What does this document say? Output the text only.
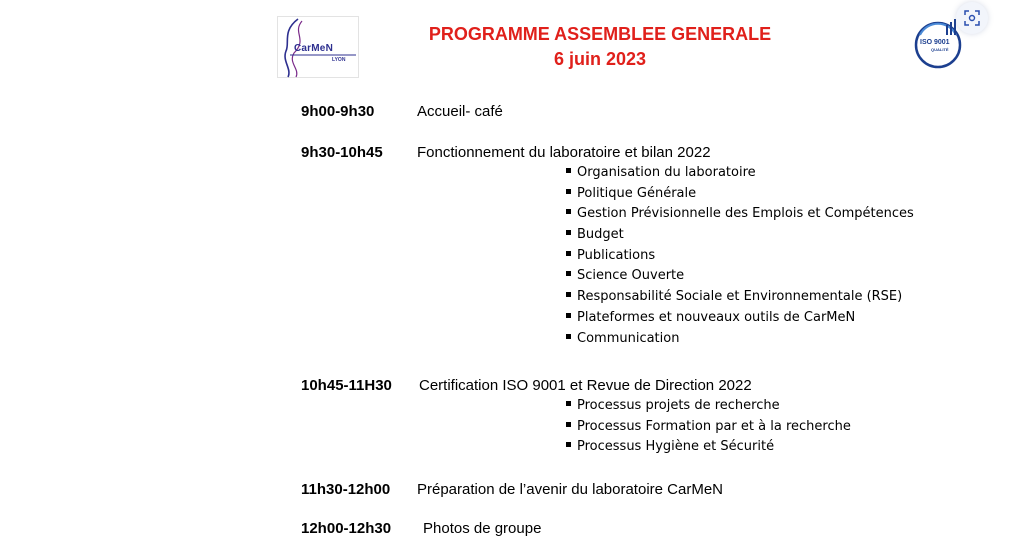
CarMeN
LYON
PROGRAMME ASSEMBLEE GENERALE
6 juin 2023
ISO 9001
QUALITÉ
9h00-9h30	Accueil- café
9h30-10h45 Fonctionnement du laboratoire et bilan 2022
Organisation du laboratoire
Politique Générale
Gestion Prévisionnelle des Emplois et Compétences
Budget
Publications
Science Ouverte
Responsabilité Sociale et Environnementale (RSE)
Plateformes et nouveaux outils de CarMeN
Communication
10h45-11H30 Certification ISO 9001 et Revue de Direction 2022
Processus projets de recherche
Processus Formation par et à la recherche
Processus Hygiène et Sécurité
11h30-12h00 Préparation de l’avenir du laboratoire CarMeN
12h00-12h30 Photos de groupe
